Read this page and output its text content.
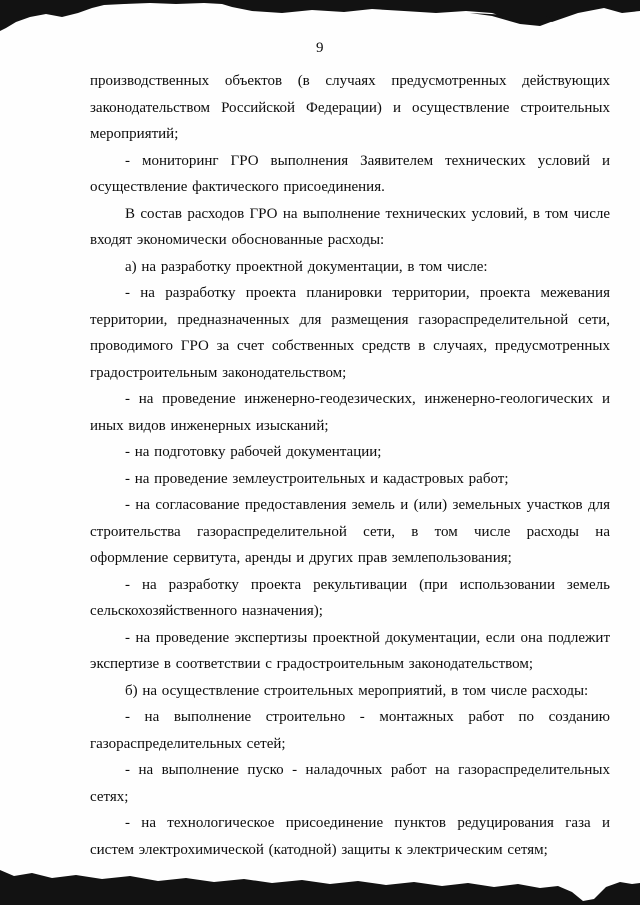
9

производственных объектов (в случаях предусмотренных действующих законодательством Российской Федерации) и осуществление строительных мероприятий;

- мониторинг ГРО выполнения Заявителем технических условий и осуществление фактического присоединения.

В состав расходов ГРО на выполнение технических условий, в том числе входят экономически обоснованные расходы:

а) на разработку проектной документации, в том числе:

- на разработку проекта планировки территории, проекта межевания территории, предназначенных для размещения газораспределительной сети, проводимого ГРО за счет собственных средств в случаях, предусмотренных градостроительным законодательством;

- на проведение инженерно-геодезических, инженерно-геологических и иных видов инженерных изысканий;

- на подготовку рабочей документации;

- на проведение землеустроительных и кадастровых работ;

- на согласование предоставления земель и (или) земельных участков для строительства газораспределительной сети, в том числе расходы на оформление сервитута, аренды и других прав землепользования;

- на разработку проекта рекультивации (при использовании земель сельскохозяйственного назначения);

- на проведение экспертизы проектной документации, если она подлежит экспертизе в соответствии с градостроительным законодательством;

б) на осуществление строительных мероприятий, в том числе расходы:

- на выполнение строительно - монтажных работ по созданию газораспределительных сетей;

- на выполнение пуско - наладочных работ на газораспределительных сетях;

- на технологическое присоединение пунктов редуцирования газа и систем электрохимической (катодной) защиты к электрическим сетям;
